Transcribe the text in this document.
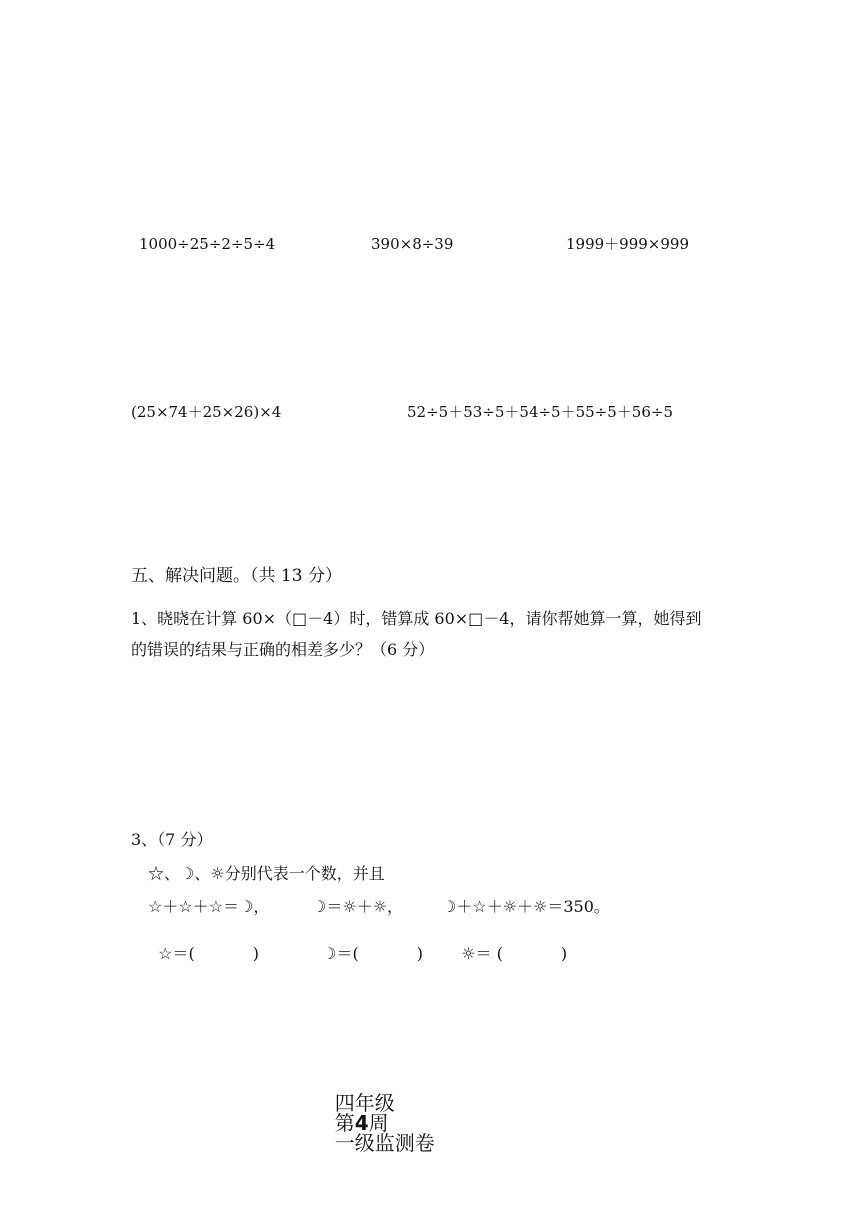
1000÷25÷2÷5÷4	390×8÷39	1999＋999×999
(25×74＋25×26)×4	52÷5＋53÷5＋54÷5＋55÷5＋56÷5
五、解决问题。（共 13 分）
1、晓晓在计算 60×（□－4）时，错算成 60×□－4，请你帮她算一算，她得到
的错误的结果与正确的相差多少？（6 分）
3、（7 分）
☆、☽、☼分别代表一个数，并且
☆＋☆＋☆＝☽，	☽＝☼＋☼， ☽＋☆＋☼＋☼＝350。

☆＝(	)	☽＝(	)	☼＝ (	)

四年级
第4周
一级监测卷
